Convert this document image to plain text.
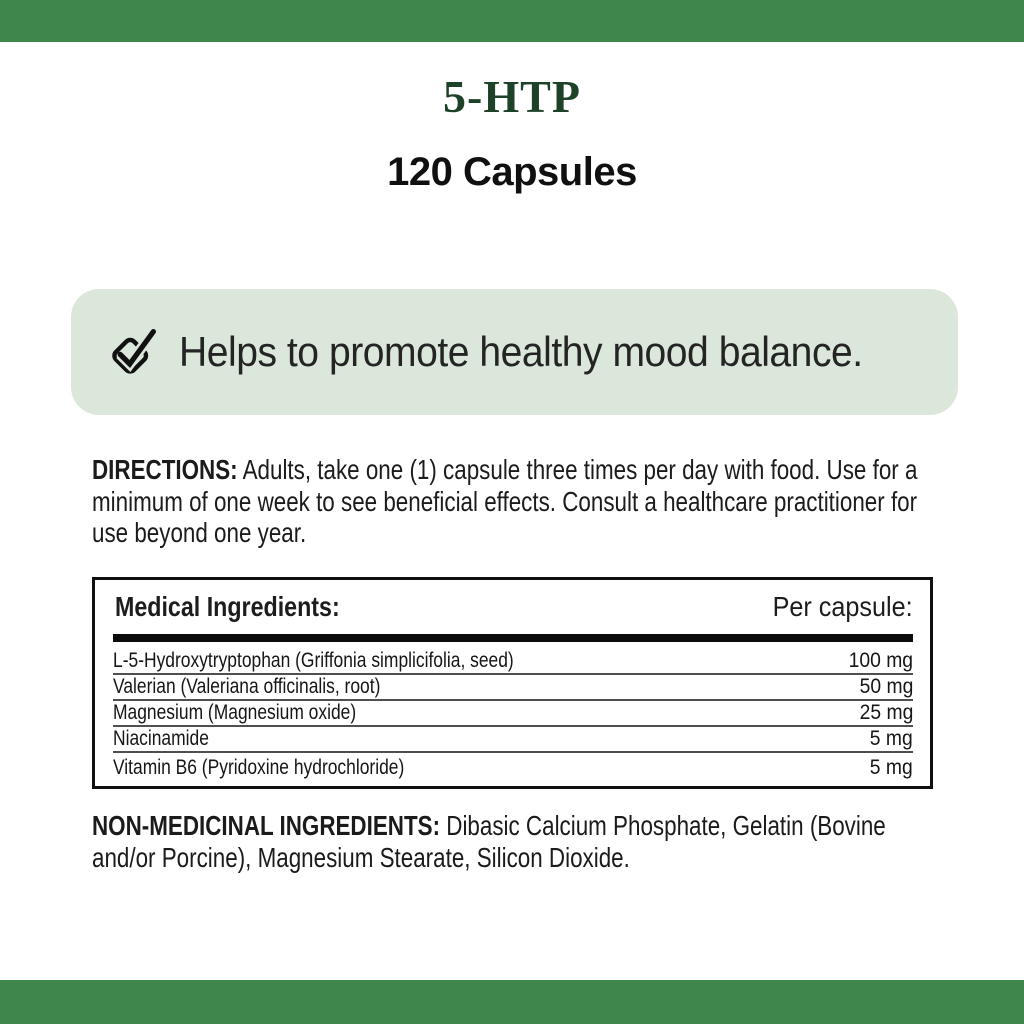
5-HTP
120 Capsules
Helps to promote healthy mood balance.
DIRECTIONS: Adults, take one (1) capsule three times per day with food. Use for a minimum of one week to see beneficial effects. Consult a healthcare practitioner for use beyond one year.
Medical Ingredients:	Per capsule:
L-5-Hydroxytryptophan (Griffonia simplicifolia, seed)	100 mg
Valerian (Valeriana officinalis, root)	50 mg
Magnesium (Magnesium oxide)	25 mg
Niacinamide	5 mg
Vitamin B6 (Pyridoxine hydrochloride)	5 mg
NON-MEDICINAL INGREDIENTS: Dibasic Calcium Phosphate, Gelatin (Bovine and/or Porcine), Magnesium Stearate, Silicon Dioxide.
